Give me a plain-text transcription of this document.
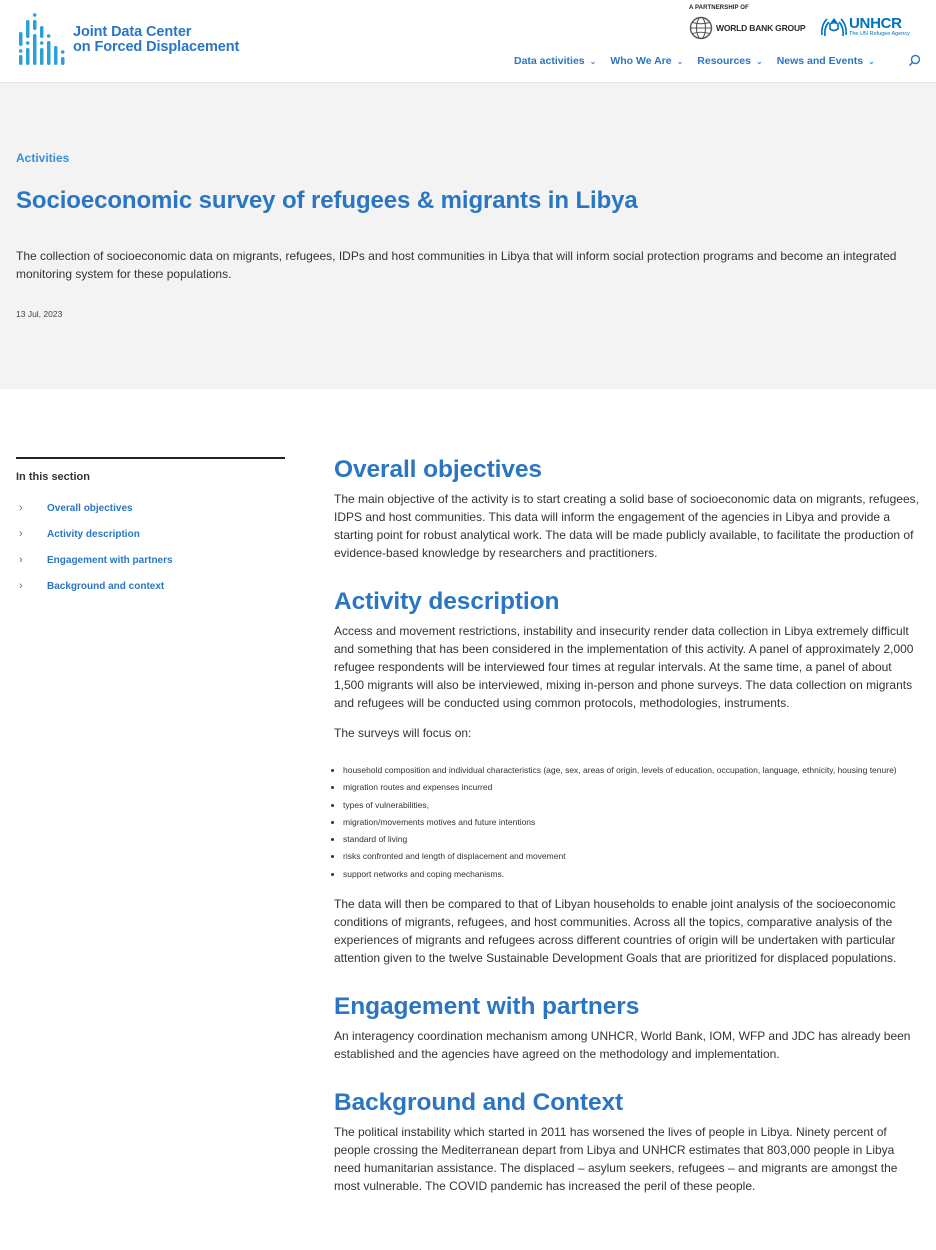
Joint Data Center
on Forced Displacement
A PARTNERSHIP OF
WORLD BANK GROUP	UNHCR
The UN Refugee Agency
Data activities ⌄ Who We Are ⌄ Resources ⌄ News and Events ⌄
Activities
Socioeconomic survey of refugees & migrants in Libya

The collection of socioeconomic data on migrants, refugees, IDPs and host communities in Libya that will inform social protection programs and become an integrated monitoring system for these populations.

13 Jul, 2023
In this section
›	Overall objectives
›	Activity description
›	Engagement with partners
›	Background and context
Overall objectives

The main objective of the activity is to start creating a solid base of socioeconomic data on migrants, refugees, IDPS and host communities. This data will inform the engagement of the agencies in Libya and provide a starting point for robust analytical work. The data will be made publicly available, to facilitate the production of evidence-based knowledge by researchers and practitioners.

Activity description

Access and movement restrictions, instability and insecurity render data collection in Libya extremely difficult and something that has been considered in the implementation of this activity. A panel of approximately 2,000 refugee respondents will be interviewed four times at regular intervals. At the same time, a panel of about 1,500 migrants will also be interviewed, mixing in-person and phone surveys. The data collection on migrants and refugees will be conducted using common protocols, methodologies, instruments.

The surveys will focus on:

• household composition and individual characteristics (age, sex, areas of origin, levels of education, occupation, language, ethnicity, housing tenure)
• migration routes and expenses incurred
• types of vulnerabilities,
• migration/movements motives and future intentions
• standard of living
• risks confronted and length of displacement and movement
• support networks and coping mechanisms.

The data will then be compared to that of Libyan households to enable joint analysis of the socioeconomic conditions of migrants, refugees, and host communities. Across all the topics, comparative analysis of the experiences of migrants and refugees across different countries of origin will be undertaken with particular attention given to the twelve Sustainable Development Goals that are prioritized for displaced populations.

Engagement with partners

An interagency coordination mechanism among UNHCR, World Bank, IOM, WFP and JDC has already been established and the agencies have agreed on the methodology and implementation.

Background and Context

The political instability which started in 2011 has worsened the lives of people in Libya. Ninety percent of people crossing the Mediterranean depart from Libya and UNHCR estimates that 803,000 people in Libya need humanitarian assistance. The displaced – asylum seekers, refugees – and migrants are amongst the most vulnerable. The COVID pandemic has increased the peril of these people.
